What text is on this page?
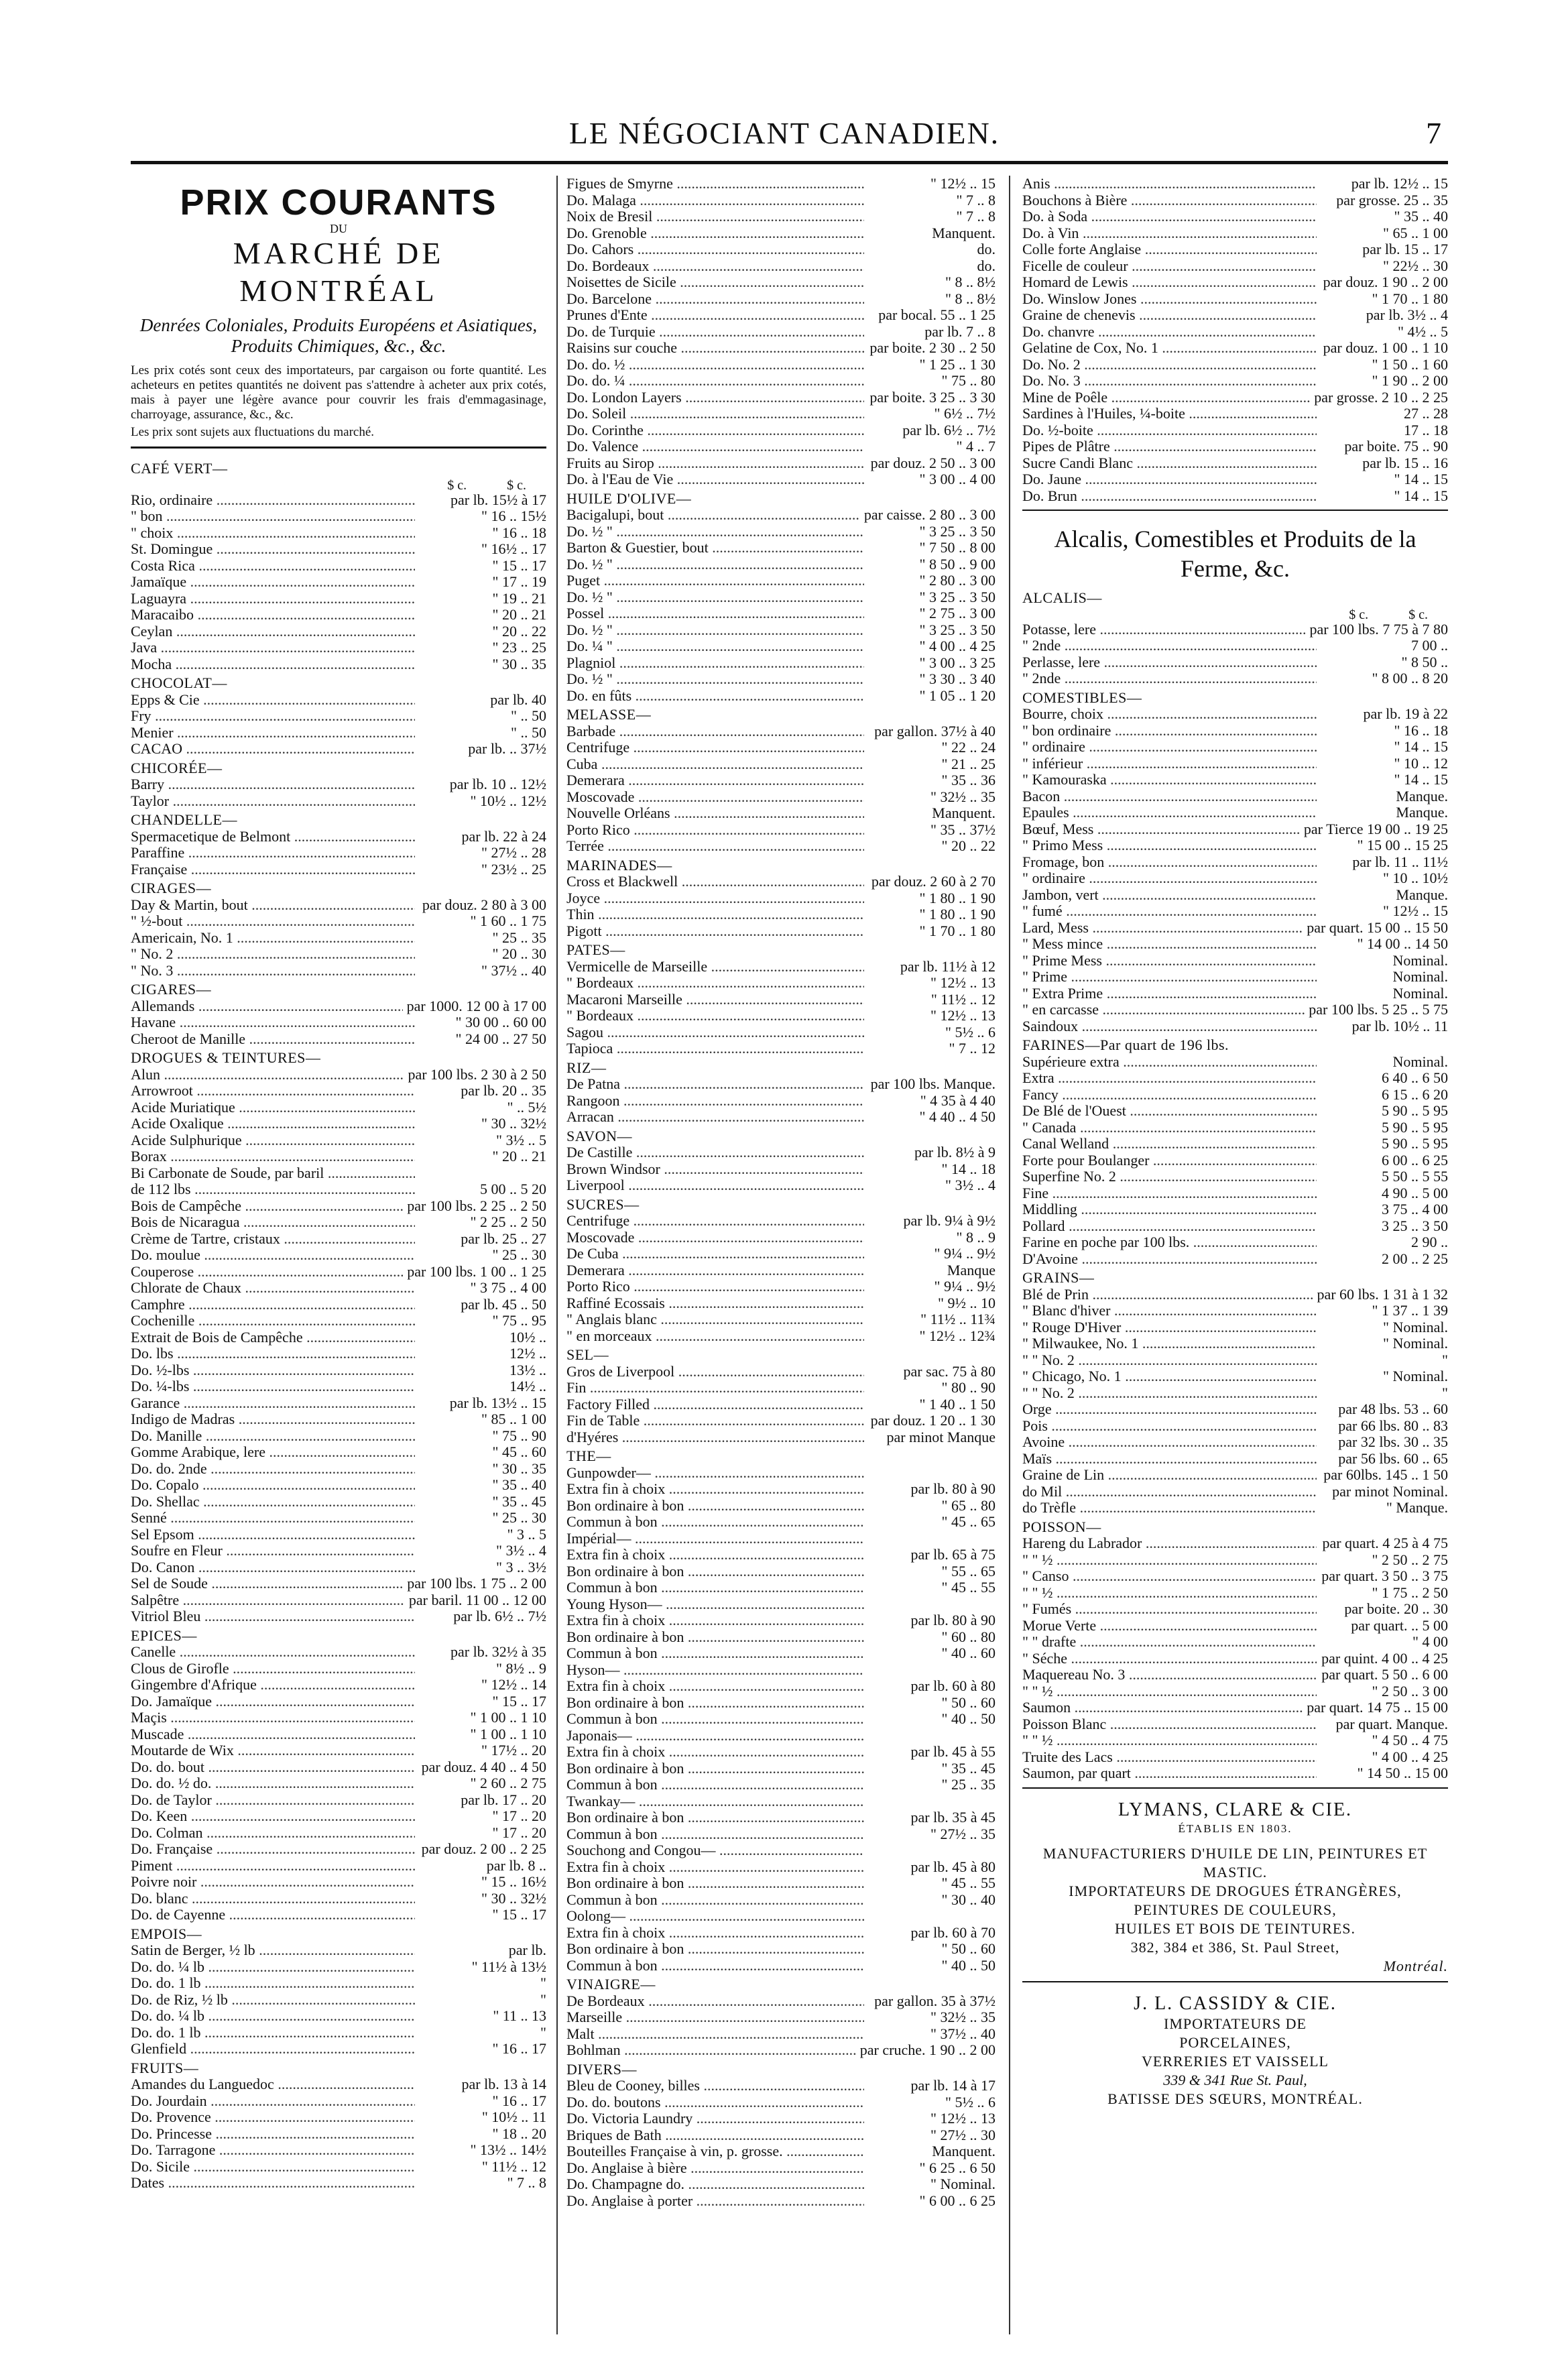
LE NÉGOCIANT CANADIEN.	7
PRIX COURANTS
DU
MARCHÉ DE MONTRÉAL
Denrées Coloniales, Produits Européens et Asiatiques, Produits Chimiques, &c., &c.
Les prix cotés sont ceux des importateurs, par cargaison ou forte quantité. Les acheteurs en petites quantités ne doivent pas s'attendre à acheter aux prix cotés, mais à payer une légère avance pour couvrir les frais d'emmagasinage, charroyage, assurance, &c., &c.
Les prix sont sujets aux fluctuations du marché.
CAFÉ VERT—
$ c.	$ c.
Rio, ordinaire .....	par lb. 15½ à 17
" bon .....	" 16 .. 15½
" choix .....	" 16 .. 18
St. Domingue .....	" 16½ .. 17
Costa Rica .....	" 15 .. 17
Jamaïque .....	" 17 .. 19
Laguayra .....	" 19 .. 21
Maracaibo .....	" 20 .. 21
Ceylan .....	" 20 .. 22
Java .....	" 23 .. 25
Mocha .....	" 30 .. 35
CHOCOLAT—
Epps & Cie .....	par lb. 40
Fry .....	" .. 50
Menier .....	" .. 50
CACAO .....	par lb. .. 37½
CHICORÉE—
Barry .....	par lb. 10 .. 12½
Taylor .....	" 10½ .. 12½
CHANDELLE—
Spermacetique de Belmont .....	par lb. 22 à 24
Paraffine .....	" 27½ .. 28
Française .....	" 23½ .. 25
CIRAGES—
Day & Martin, bout .....	par douz. 2 80 à 3 00
" ½-bout .....	" 1 60 .. 1 75
Americain, No. 1 .....	" 25 .. 35
" No. 2 .....	" 20 .. 30
" No. 3 .....	" 37½ .. 40
CIGARES—
Allemands .....	par 1000. 12 00 à 17 00
Havane .....	" 30 00 .. 60 00
Cheroot de Manille .....	" 24 00 .. 27 50
DROGUES & TEINTURES—
Alun .....	par 100 lbs. 2 30 à 2 50
Arrowroot .....	par lb. 20 .. 35
Acide Muriatique .....	" .. 5½
Acide Oxalique .....	" 30 .. 32½
Acide Sulphurique .....	" 3½ .. 5
Borax .....	" 20 .. 21
Bi Carbonate de Soude, par baril .....
de 112 lbs .....	5 00 .. 5 20
Bois de Campêche .....	par 100 lbs. 2 25 .. 2 50
Bois de Nicaragua .....	" 2 25 .. 2 50
Crème de Tartre, cristaux .....	par lb. 25 .. 27
Do. moulue .....	" 25 .. 30
Couperose .....	par 100 lbs. 1 00 .. 1 25
Chlorate de Chaux .....	" 3 75 .. 4 00
Camphre .....	par lb. 45 .. 50
Cochenille .....	" 75 .. 95
Extrait de Bois de Campêche .....	10½ ..
Do. lbs .....	12½ ..
Do. ½-lbs .....	13½ ..
Do. ¼-lbs .....	14½ ..
Garance .....	par lb. 13½ .. 15
Indigo de Madras .....	" 85 .. 1 00
Do. Manille .....	" 75 .. 90
Gomme Arabique, lere .....	" 45 .. 60
Do. do. 2nde .....	" 30 .. 35
Do. Copalo .....	" 35 .. 40
Do. Shellac .....	" 35 .. 45
Senné .....	" 25 .. 30
Sel Epsom .....	" 3 .. 5
Soufre en Fleur .....	" 3½ .. 4
Do. Canon .....	" 3 .. 3½
Sel de Soude .....	par 100 lbs. 1 75 .. 2 00
Salpêtre .....	par baril. 11 00 .. 12 00
Vitriol Bleu .....	par lb. 6½ .. 7½
EPICES—
Canelle .....	par lb. 32½ à 35
Clous de Girofle .....	" 8½ .. 9
Gingembre d'Afrique .....	" 12½ .. 14
Do. Jamaïque .....	" 15 .. 17
Maçis .....	" 1 00 .. 1 10
Muscade .....	" 1 00 .. 1 10
Moutarde de Wix .....	" 17½ .. 20
Do. do. bout .....	par douz. 4 40 .. 4 50
Do. do. ½ do. .....	" 2 60 .. 2 75
Do. de Taylor .....	par lb. 17 .. 20
Do. Keen .....	" 17 .. 20
Do. Colman .....	" 17 .. 20
Do. Française .....	par douz. 2 00 .. 2 25
Piment .....	par lb. 8 ..
Poivre noir .....	" 15 .. 16½
Do. blanc .....	" 30 .. 32½
Do. de Cayenne .....	" 15 .. 17
EMPOIS—
Satin de Berger, ½ lb .....	par lb.
Do. do. ¼ lb .....	" 11½ à 13½
Do. do. 1 lb .....	"
Do. de Riz, ½ lb .....	"
Do. do. ¼ lb .....	" 11 .. 13
Do. do. 1 lb .....	"
Glenfield .....	" 16 .. 17
FRUITS—
Amandes du Languedoc .....	par lb. 13 à 14
Do. Jourdain .....	" 16 .. 17
Do. Provence .....	" 10½ .. 11
Do. Princesse .....	" 18 .. 20
Do. Tarragone .....	" 13½ .. 14½
Do. Sicile .....	" 11½ .. 12
Dates .....	" 7 .. 8
Figues de Smyrne .....	" 12½ .. 15
Do. Malaga .....	" 7 .. 8
Noix de Bresil .....	" 7 .. 8
Do. Grenoble .....	Manquent.
Do. Cahors .....	do.
Do. Bordeaux .....	do.
Noisettes de Sicile .....	" 8 .. 8½
Do. Barcelone .....	" 8 .. 8½
Prunes d'Ente .....	par bocal. 55 .. 1 25
Do. de Turquie .....	par lb. 7 .. 8
Raisins sur couche .....	par boite. 2 30 .. 2 50
Do. do. ½ .....	" 1 25 .. 1 30
Do. do. ¼ .....	" 75 .. 80
Do. London Layers .....	par boite. 3 25 .. 3 30
Do. Soleil .....	" 6½ .. 7½
Do. Corinthe .....	par lb. 6½ .. 7½
Do. Valence .....	" 4 .. 7
Fruits au Sirop .....	par douz. 2 50 .. 3 00
Do. à l'Eau de Vie .....	" 3 00 .. 4 00
HUILE D'OLIVE—
Bacigalupi, bout .....	par caisse. 2 80 .. 3 00
Do. ½ " .....	" 3 25 .. 3 50
Barton & Guestier, bout .....	" 7 50 .. 8 00
Do. ½ " .....	" 8 50 .. 9 00
Puget .....	" 2 80 .. 3 00
Do. ½ " .....	" 3 25 .. 3 50
Possel .....	" 2 75 .. 3 00
Do. ½ " .....	" 3 25 .. 3 50
Do. ¼ " .....	" 4 00 .. 4 25
Plagniol .....	" 3 00 .. 3 25
Do. ½ " .....	" 3 30 .. 3 40
Do. en fûts .....	" 1 05 .. 1 20
MELASSE—
Barbade .....	par gallon. 37½ à 40
Centrifuge .....	" 22 .. 24
Cuba .....	" 21 .. 25
Demerara .....	" 35 .. 36
Moscovade .....	" 32½ .. 35
Nouvelle Orléans .....	Manquent.
Porto Rico .....	" 35 .. 37½
Terrée .....	" 20 .. 22
MARINADES—
Cross et Blackwell .....	par douz. 2 60 à 2 70
Joyce .....	" 1 80 .. 1 90
Thin .....	" 1 80 .. 1 90
Pigott .....	" 1 70 .. 1 80
PATES—
Vermicelle de Marseille .....	par lb. 11½ à 12
" Bordeaux .....	" 12½ .. 13
Macaroni Marseille .....	" 11½ .. 12
" Bordeaux .....	" 12½ .. 13
Sagou .....	" 5½ .. 6
Tapioca .....	" 7 .. 12
RIZ—
De Patna .....	par 100 lbs. Manque.
Rangoon .....	" 4 35 à 4 40
Arracan .....	" 4 40 .. 4 50
SAVON—
De Castille .....	par lb. 8½ à 9
Brown Windsor .....	" 14 .. 18
Liverpool .....	" 3½ .. 4
SUCRES—
Centrifuge .....	par lb. 9¼ à 9½
Moscovade .....	" 8 .. 9
De Cuba .....	" 9¼ .. 9½
Demerara .....	Manque
Porto Rico .....	" 9¼ .. 9½
Raffiné Ecossais .....	" 9½ .. 10
" Anglais blanc .....	" 11½ .. 11¾
" en morceaux .....	" 12½ .. 12¾
SEL—
Gros de Liverpool .....	par sac. 75 à 80
Fin .....	" 80 .. 90
Factory Filled .....	" 1 40 .. 1 50
Fin de Table .....	par douz. 1 20 .. 1 30
d'Hyéres .....	par minot Manque
THE—
Gunpowder— .....
Extra fin à choix .....	par lb. 80 à 90
Bon ordinaire à bon .....	" 65 .. 80
Commun à bon .....	" 45 .. 65
Impérial— .....
Extra fin à choix .....	par lb. 65 à 75
Bon ordinaire à bon .....	" 55 .. 65
Commun à bon .....	" 45 .. 55
Young Hyson— .....
Extra fin à choix .....	par lb. 80 à 90
Bon ordinaire à bon .....	" 60 .. 80
Commun à bon .....	" 40 .. 60
Hyson— .....
Extra fin à choix .....	par lb. 60 à 80
Bon ordinaire à bon .....	" 50 .. 60
Commun à bon .....	" 40 .. 50
Japonais— .....
Extra fin à choix .....	par lb. 45 à 55
Bon ordinaire à bon .....	" 35 .. 45
Commun à bon .....	" 25 .. 35
Twankay— .....
Bon ordinaire à bon .....	par lb. 35 à 45
Commun à bon .....	" 27½ .. 35
Souchong and Congou— .....
Extra fin à choix .....	par lb. 45 à 80
Bon ordinaire à bon .....	" 45 .. 55
Commun à bon .....	" 30 .. 40
Oolong— .....
Extra fin à choix .....	par lb. 60 à 70
Bon ordinaire à bon .....	" 50 .. 60
Commun à bon .....	" 40 .. 50
VINAIGRE—
De Bordeaux .....	par gallon. 35 à 37½
Marseille .....	" 32½ .. 35
Malt .....	" 37½ .. 40
Bohlman .....	par cruche. 1 90 .. 2 00
DIVERS—
Bleu de Cooney, billes .....	par lb. 14 à 17
Do. do. boutons .....	" 5½ .. 6
Do. Victoria Laundry .....	" 12½ .. 13
Briques de Bath .....	" 27½ .. 30
Bouteilles Française à vin, p. grosse. .....	Manquent.
Do. Anglaise à bière .....	" 6 25 .. 6 50
Do. Champagne do. .....	" Nominal.
Do. Anglaise à porter .....	" 6 00 .. 6 25
Anis .....	par lb. 12½ .. 15
Bouchons à Bière .....	par grosse. 25 .. 35
Do. à Soda .....	" 35 .. 40
Do. à Vin .....	" 65 .. 1 00
Colle forte Anglaise .....	par lb. 15 .. 17
Ficelle de couleur .....	" 22½ .. 30
Homard de Lewis .....	par douz. 1 90 .. 2 00
Do. Winslow Jones .....	" 1 70 .. 1 80
Graine de chenevis .....	par lb. 3½ .. 4
Do. chanvre .....	" 4½ .. 5
Gelatine de Cox, No. 1 .....	par douz. 1 00 .. 1 10
Do. No. 2 .....	" 1 50 .. 1 60
Do. No. 3 .....	" 1 90 .. 2 00
Mine de Poêle .....	par grosse. 2 10 .. 2 25
Sardines à l'Huiles, ¼-boite .....	27 .. 28
Do. ½-boite .....	17 .. 18
Pipes de Plâtre .....	par boite. 75 .. 90
Sucre Candi Blanc .....	par lb. 15 .. 16
Do. Jaune .....	" 14 .. 15
Do. Brun .....	" 14 .. 15
Alcalis, Comestibles et Produits de la Ferme, &c.
ALCALIS—
$ c.	$ c.
Potasse, lere .....	par 100 lbs. 7 75 à 7 80
" 2nde .....	7 00 ..
Perlasse, lere .....	" 8 50 ..
" 2nde .....	" 8 00 .. 8 20
COMESTIBLES—
Bourre, choix .....	par lb. 19 à 22
" bon ordinaire .....	" 16 .. 18
" ordinaire .....	" 14 .. 15
" inférieur .....	" 10 .. 12
" Kamouraska .....	" 14 .. 15
Bacon .....	Manque.
Epaules .....	Manque.
Bœuf, Mess .....	par Tierce 19 00 .. 19 25
" Primo Mess .....	" 15 00 .. 15 25
Fromage, bon .....	par lb. 11 .. 11½
" ordinaire .....	" 10 .. 10½
Jambon, vert .....	Manque.
" fumé .....	" 12½ .. 15
Lard, Mess .....	par quart. 15 00 .. 15 50
" Mess mince .....	" 14 00 .. 14 50
" Prime Mess .....	Nominal.
" Prime .....	Nominal.
" Extra Prime .....	Nominal.
" en carcasse .....	par 100 lbs. 5 25 .. 5 75
Saindoux .....	par lb. 10½ .. 11
FARINES—Par quart de 196 lbs.
Supérieure extra .....	Nominal.
Extra .....	6 40 .. 6 50
Fancy .....	6 15 .. 6 20
De Blé de l'Ouest .....	5 90 .. 5 95
" Canada .....	5 90 .. 5 95
Canal Welland .....	5 90 .. 5 95
Forte pour Boulanger .....	6 00 .. 6 25
Superfine No. 2 .....	5 50 .. 5 55
Fine .....	4 90 .. 5 00
Middling .....	3 75 .. 4 00
Pollard .....	3 25 .. 3 50
Farine en poche par 100 lbs. .....	2 90 ..
D'Avoine .....	2 00 .. 2 25
GRAINS—
Blé de Prin .....	par 60 lbs. 1 31 à 1 32
" Blanc d'hiver .....	" 1 37 .. 1 39
" Rouge D'Hiver .....	" Nominal.
" Milwaukee, No. 1 .....	" Nominal.
" " No. 2 .....	"
" Chicago, No. 1 .....	" Nominal.
" " No. 2 .....	"
Orge .....	par 48 lbs. 53 .. 60
Pois .....	par 66 lbs. 80 .. 83
Avoine .....	par 32 lbs. 30 .. 35
Maïs .....	par 56 lbs. 60 .. 65
Graine de Lin .....	par 60lbs. 145 .. 1 50
do Mil .....	par minot Nominal.
do Trèfle .....	" Manque.
POISSON—
Hareng du Labrador .....	par quart. 4 25 à 4 75
" " ½ .....	" 2 50 .. 2 75
" Canso .....	par quart. 3 50 .. 3 75
" " ½ .....	" 1 75 .. 2 50
" Fumés .....	par boite. 20 .. 30
Morue Verte .....	par quart. .. 5 00
" " drafte .....	" 4 00
" Séche .....	par quint. 4 00 .. 4 25
Maquereau No. 3 .....	par quart. 5 50 .. 6 00
" " ½ .....	" 2 50 .. 3 00
Saumon .....	par quart. 14 75 .. 15 00
Poisson Blanc .....	par quart. Manque.
" " ½ .....	" 4 50 .. 4 75
Truite des Lacs .....	" 4 00 .. 4 25
Saumon, par quart .....	" 14 50 .. 15 00
LYMANS, CLARE & CIE.
ÉTABLIS EN 1803.
MANUFACTURIERS D'HUILE DE LIN, PEINTURES ET MASTIC.
IMPORTATEURS DE DROGUES ÉTRANGÈRES,
PEINTURES DE COULEURS,
HUILES ET BOIS DE TEINTURES.
382, 384 et 386, St. Paul Street,
Montréal.
J. L. CASSIDY & CIE.
IMPORTATEURS DE
PORCELAINES,
VERRERIES ET VAISSELL
339 & 341 Rue St. Paul,
BATISSE DES SŒURS, MONTRÉAL.
